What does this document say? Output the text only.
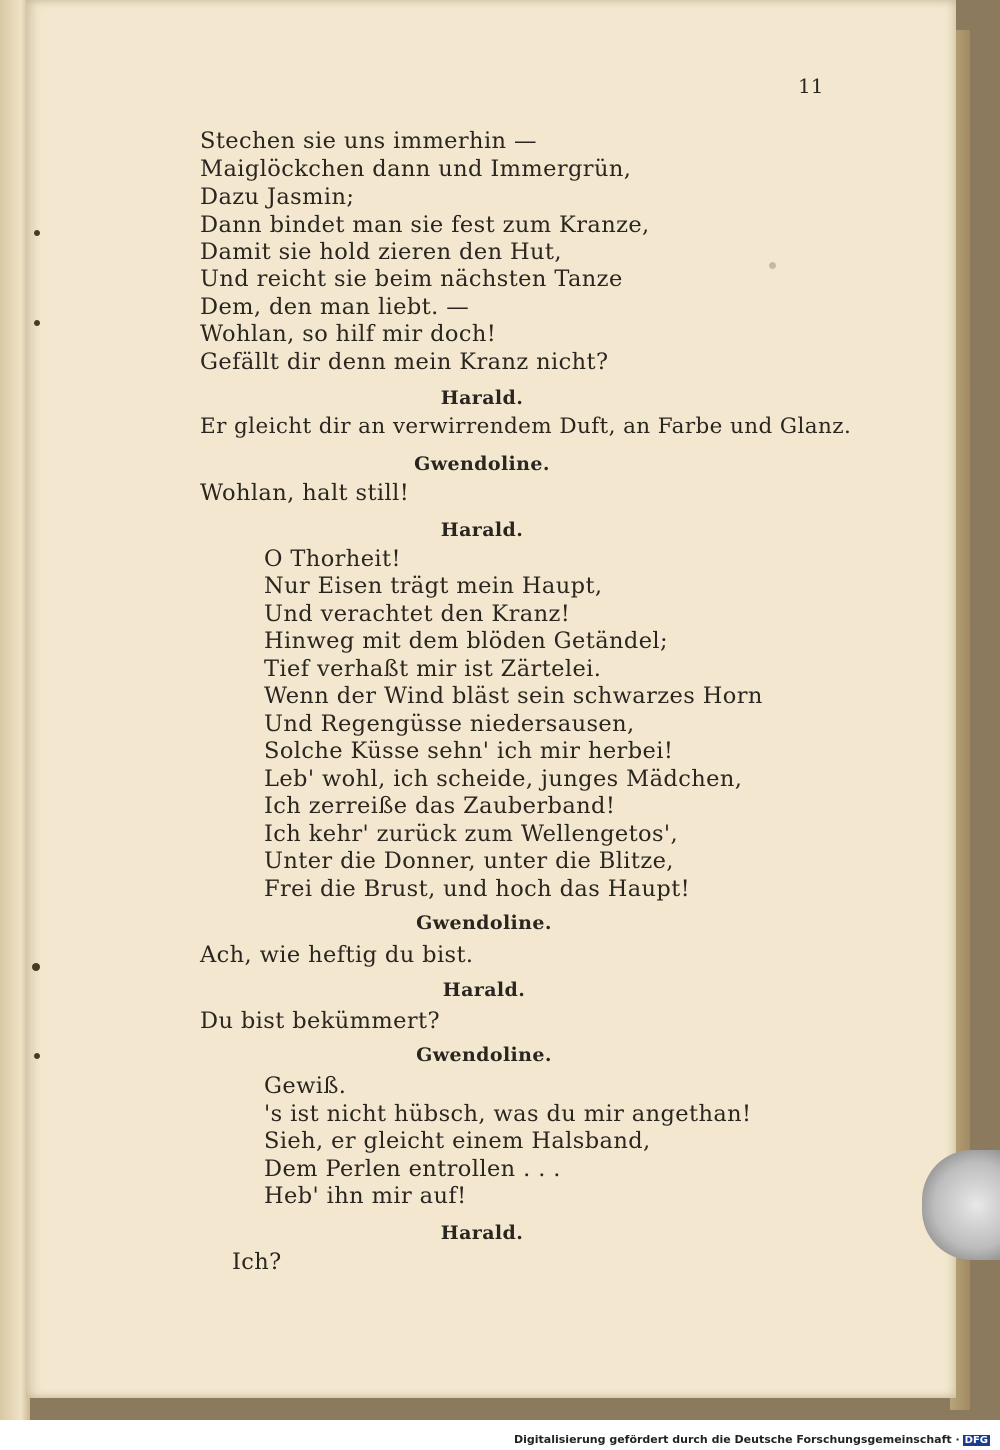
11
Stechen sie uns immerhin —
Maiglöckchen dann und Immergrün,
Dazu Jasmin;
Dann bindet man sie fest zum Kranze,
Damit sie hold zieren den Hut,
Und reicht sie beim nächsten Tanze
Dem, den man liebt. —
Wohlan, so hilf mir doch!
Gefällt dir denn mein Kranz nicht?
Harald.
Er gleicht dir an verwirrendem Duft, an Farbe und Glanz.
Gwendoline.
Wohlan, halt still!
Harald.
O Thorheit!
Nur Eisen trägt mein Haupt,
Und verachtet den Kranz!
Hinweg mit dem blöden Getändel;
Tief verhaßt mir ist Zärtelei.
Wenn der Wind bläst sein schwarzes Horn
Und Regengüsse niedersausen,
Solche Küsse sehn' ich mir herbei!
Leb' wohl, ich scheide, junges Mädchen,
Ich zerreiße das Zauberband!
Ich kehr' zurück zum Wellengetos',
Unter die Donner, unter die Blitze,
Frei die Brust, und hoch das Haupt!
Gwendoline.
Ach, wie heftig du bist.
Harald.
Du bist bekümmert?
Gwendoline.
Gewiß.
's ist nicht hübsch, was du mir angethan!
Sieh, er gleicht einem Halsband,
Dem Perlen entrollen . . .
Heb' ihn mir auf!
Harald.
Ich?
Digitalisierung gefördert durch die Deutsche Forschungsgemeinschaft · DFG
